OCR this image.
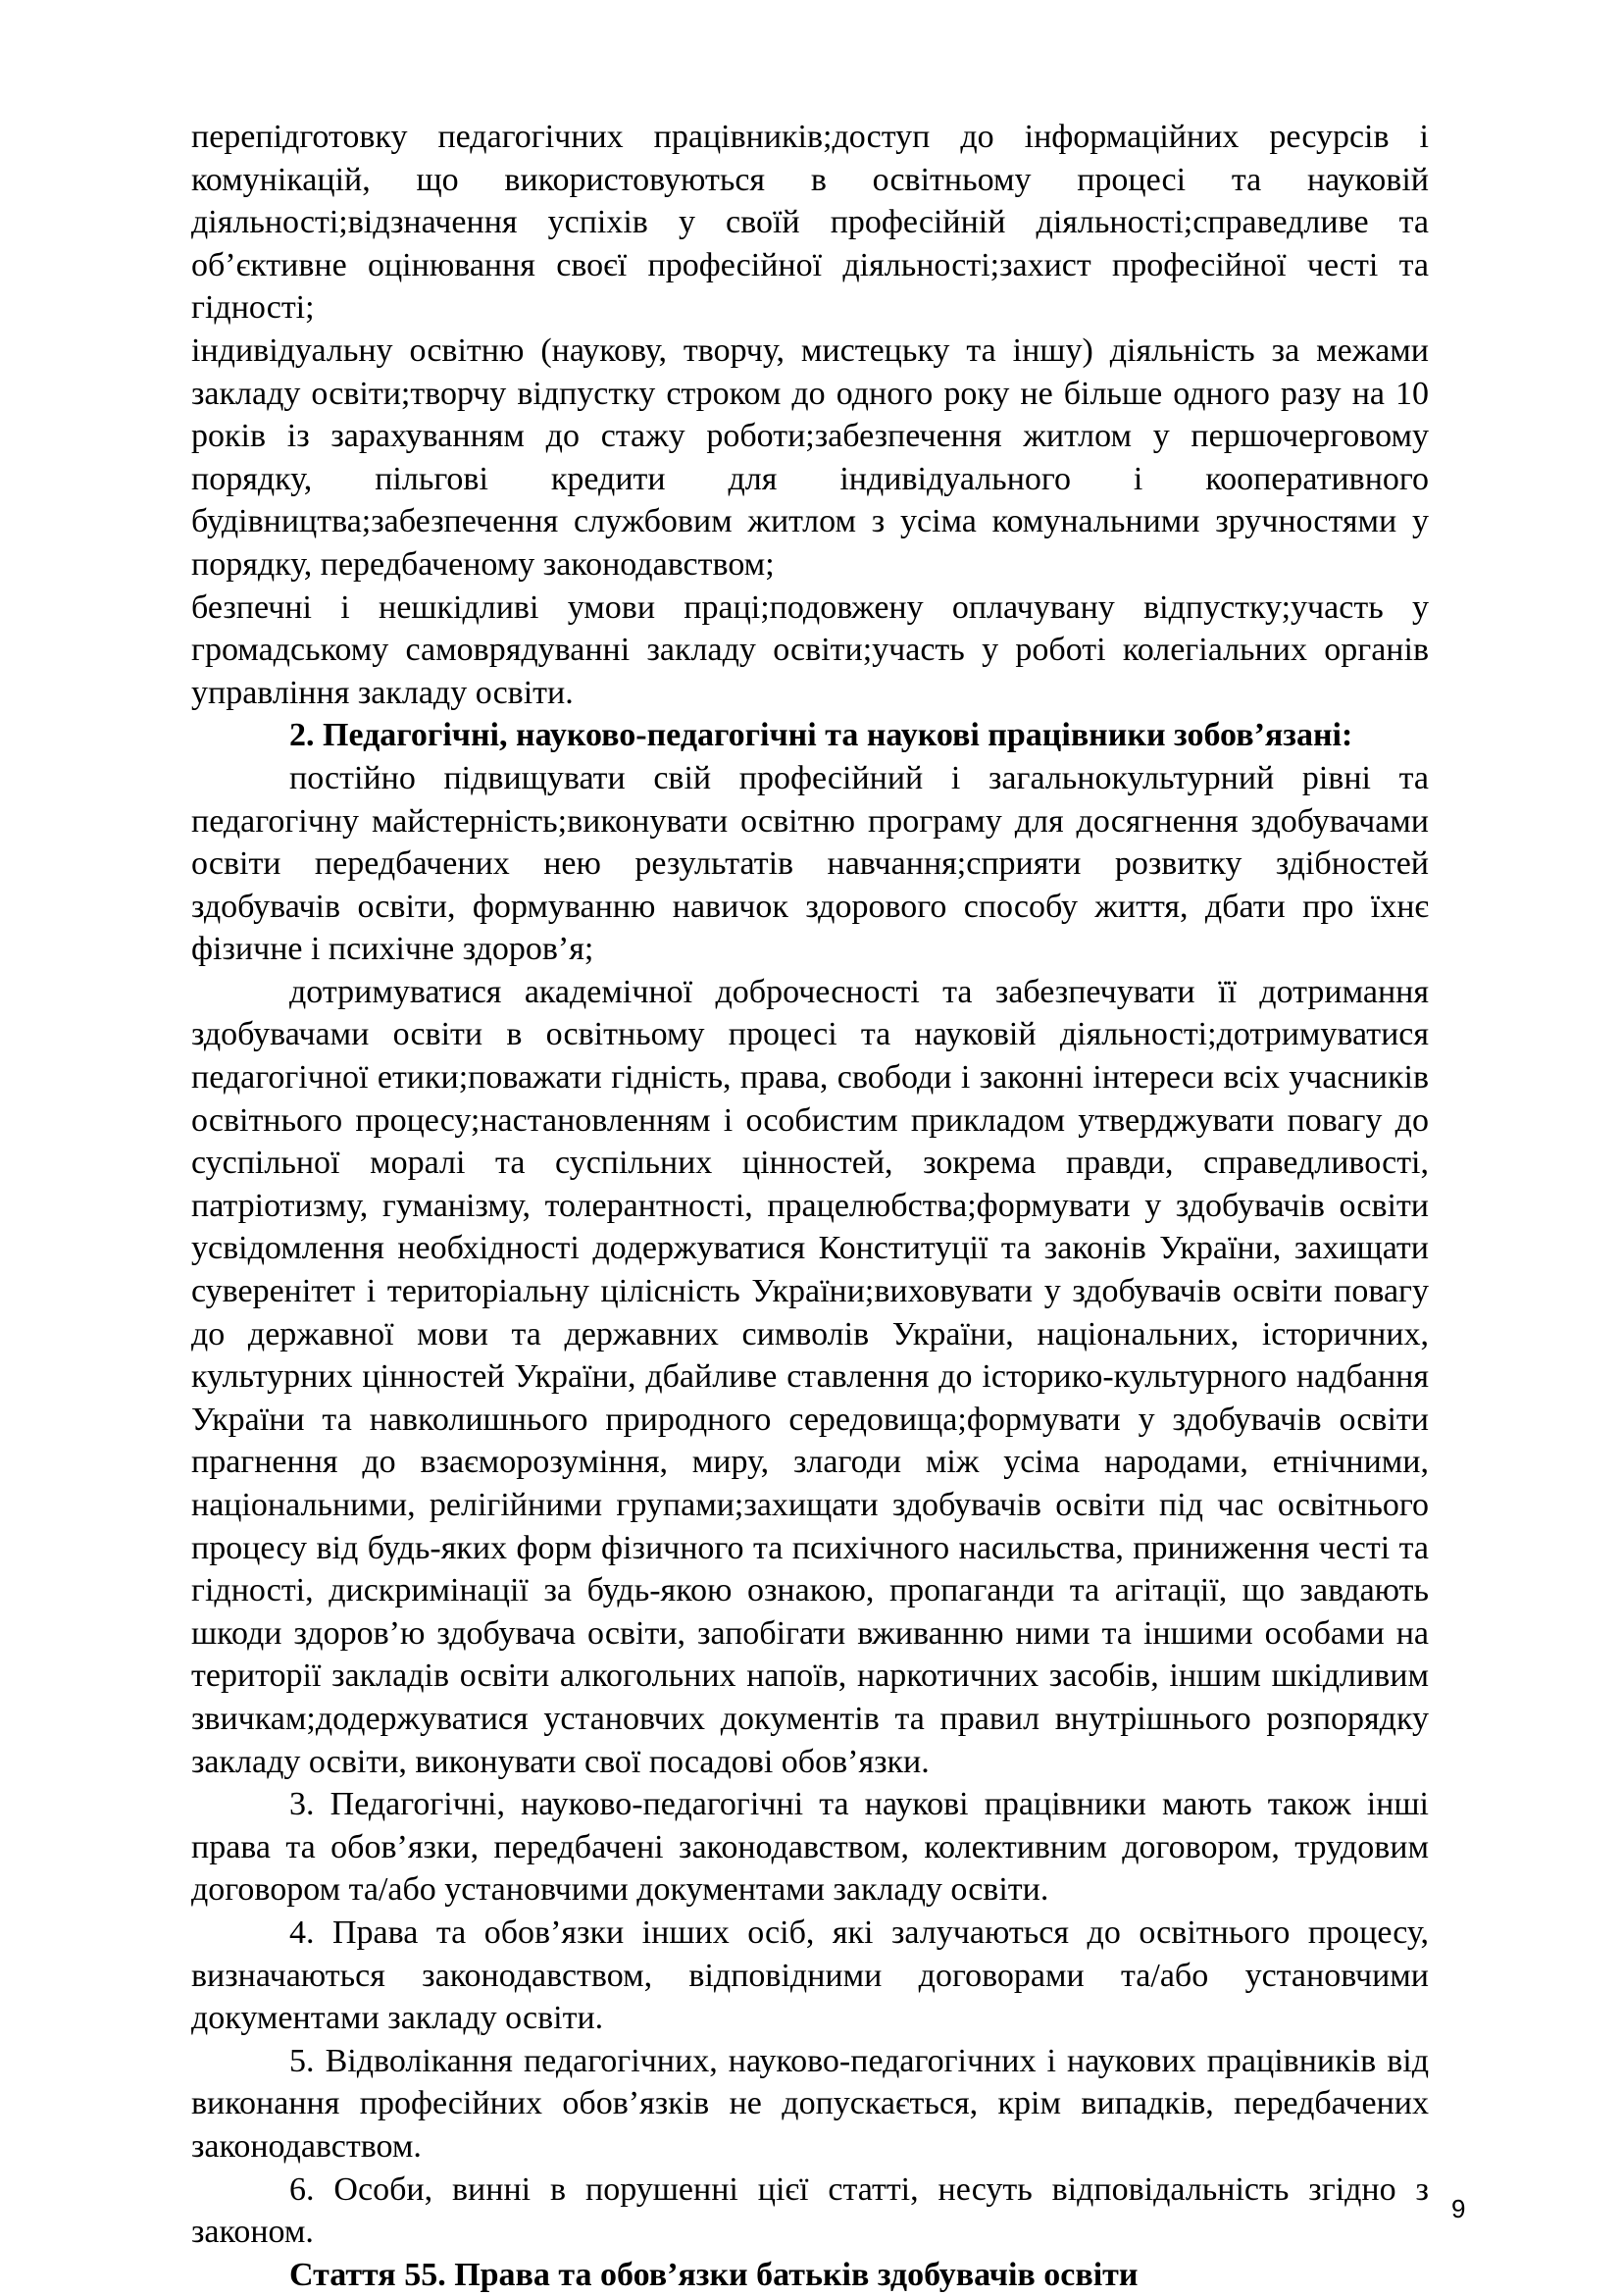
перепідготовку педагогічних працівників;доступ до інформаційних ресурсів і комунікацій, що використовуються в освітньому процесі та науковій діяльності;відзначення успіхів у своїй професійній діяльності;справедливе та об’єктивне оцінювання своєї професійної діяльності;захист професійної честі та гідності;

індивідуальну освітню (наукову, творчу, мистецьку та іншу) діяльність за межами закладу освіти;творчу відпустку строком до одного року не більше одного разу на 10 років із зарахуванням до стажу роботи;забезпечення житлом у першочерговому порядку, пільгові кредити для індивідуального і кооперативного будівництва;забезпечення службовим житлом з усіма комунальними зручностями у порядку, передбаченому законодавством;

безпечні і нешкідливі умови праці;подовжену оплачувану відпустку;участь у громадському самоврядуванні закладу освіти;участь у роботі колегіальних органів управління закладу освіти.

2. Педагогічні, науково-педагогічні та наукові працівники зобов’язані:

постійно підвищувати свій професійний і загальнокультурний рівні та педагогічну майстерність;виконувати освітню програму для досягнення здобувачами освіти передбачених нею результатів навчання;сприяти розвитку здібностей здобувачів освіти, формуванню навичок здорового способу життя, дбати про їхнє фізичне і психічне здоров’я;

дотримуватися академічної доброчесності та забезпечувати її дотримання здобувачами освіти в освітньому процесі та науковій діяльності;дотримуватися педагогічної етики;поважати гідність, права, свободи і законні інтереси всіх учасників освітнього процесу;настановленням і особистим прикладом утверджувати повагу до суспільної моралі та суспільних цінностей, зокрема правди, справедливості, патріотизму, гуманізму, толерантності, працелюбства;формувати у здобувачів освіти усвідомлення необхідності додержуватися Конституції та законів України, захищати суверенітет і територіальну цілісність України;виховувати у здобувачів освіти повагу до державної мови та державних символів України, національних, історичних, культурних цінностей України, дбайливе ставлення до історико-культурного надбання України та навколишнього природного середовища;формувати у здобувачів освіти прагнення до взаєморозуміння, миру, злагоди між усіма народами, етнічними, національними, релігійними групами;захищати здобувачів освіти під час освітнього процесу від будь-яких форм фізичного та психічного насильства, приниження честі та гідності, дискримінації за будь-якою ознакою, пропаганди та агітації, що завдають шкоди здоров’ю здобувача освіти, запобігати вживанню ними та іншими особами на території закладів освіти алкогольних напоїв, наркотичних засобів, іншим шкідливим звичкам;додержуватися установчих документів та правил внутрішнього розпорядку закладу освіти, виконувати свої посадові обов’язки.

3. Педагогічні, науково-педагогічні та наукові працівники мають також інші права та обов’язки, передбачені законодавством, колективним договором, трудовим договором та/або установчими документами закладу освіти.

4. Права та обов’язки інших осіб, які залучаються до освітнього процесу, визначаються законодавством, відповідними договорами та/або установчими документами закладу освіти.

5. Відволікання педагогічних, науково-педагогічних і наукових працівників від виконання професійних обов’язків не допускається, крім випадків, передбачених законодавством.

6. Особи, винні в порушенні цієї статті, несуть відповідальність згідно з законом.

Стаття 55. Права та обов’язки батьків здобувачів освіти

9
